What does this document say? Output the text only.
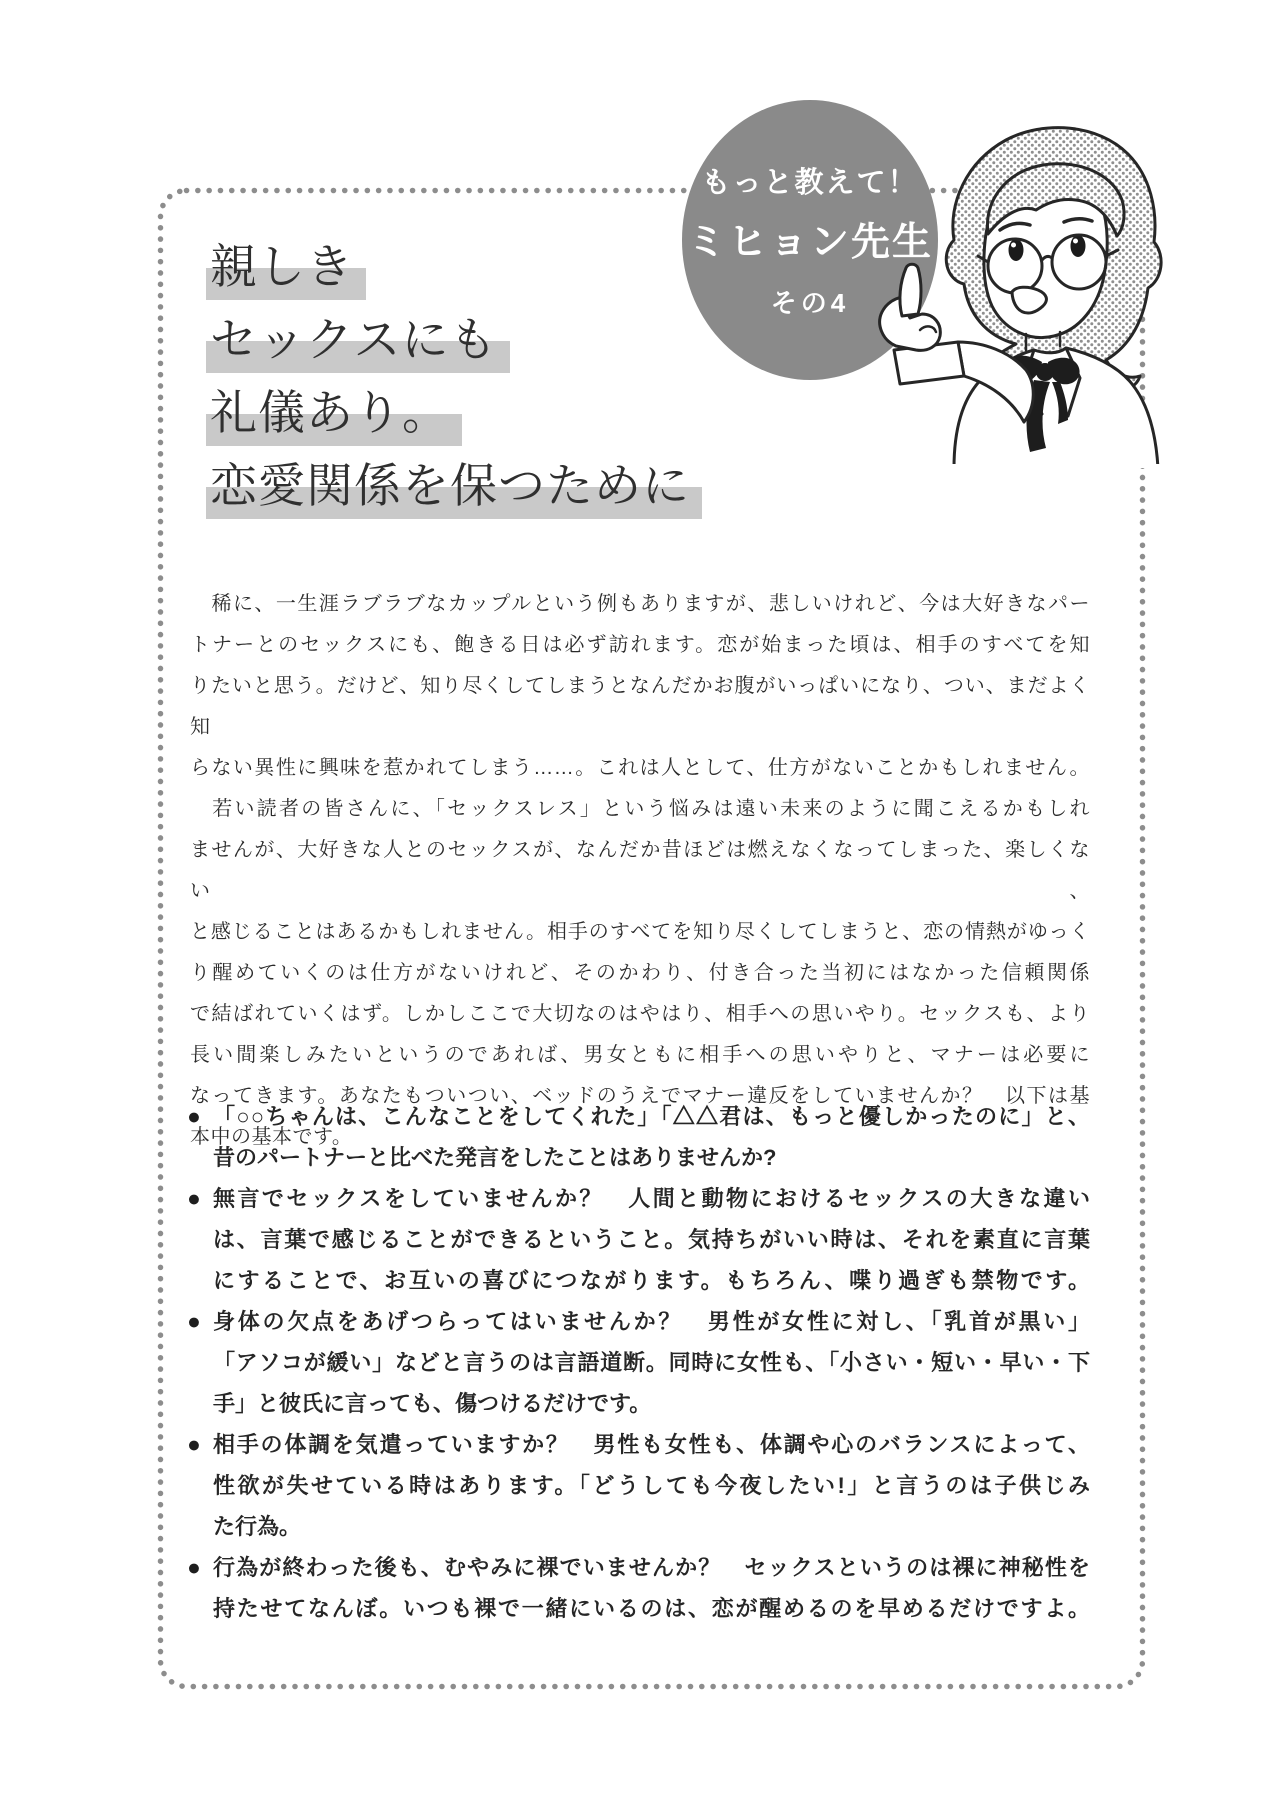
もっと教えて！
ミヒョン先生
その4
親しき
セックスにも
礼儀あり。
恋愛関係を保つために
　稀に、一生涯ラブラブなカップルという例もありますが、悲しいけれど、今は大好きなパー
トナーとのセックスにも、飽きる日は必ず訪れます。恋が始まった頃は、相手のすべてを知
りたいと思う。だけど、知り尽くしてしまうとなんだかお腹がいっぱいになり、つい、まだよく知
らない異性に興味を惹かれてしまう……。これは人として、仕方がないことかもしれません。
　若い読者の皆さんに、「セックスレス」という悩みは遠い未来のように聞こえるかもしれ
ませんが、大好きな人とのセックスが、なんだか昔ほどは燃えなくなってしまった、楽しくない、
と感じることはあるかもしれません。相手のすべてを知り尽くしてしまうと、恋の情熱がゆっく
り醒めていくのは仕方がないけれど、そのかわり、付き合った当初にはなかった信頼関係
で結ばれていくはず。しかしここで大切なのはやはり、相手への思いやり。セックスも、より
長い間楽しみたいというのであれば、男女ともに相手への思いやりと、マナーは必要に
なってきます。あなたもついつい、ベッドのうえでマナー違反をしていませんか？　以下は基
本中の基本です。
● 「○○ちゃんは、こんなことをしてくれた」「△△君は、もっと優しかったのに」と、
昔のパートナーと比べた発言をしたことはありませんか?
● 無言でセックスをしていませんか？　人間と動物におけるセックスの大きな違い
は、言葉で感じることができるということ。気持ちがいい時は、それを素直に言葉
にすることで、お互いの喜びにつながります。もちろん、喋り過ぎも禁物です。
● 身体の欠点をあげつらってはいませんか？　男性が女性に対し、「乳首が黒い」
「アソコが緩い」などと言うのは言語道断。同時に女性も、「小さい・短い・早い・下
手」と彼氏に言っても、傷つけるだけです。
● 相手の体調を気遣っていますか？　男性も女性も、体調や心のバランスによって、
性欲が失せている時はあります。「どうしても今夜したい!」と言うのは子供じみ
た行為。
● 行為が終わった後も、むやみに裸でいませんか？　セックスというのは裸に神秘性を
持たせてなんぼ。いつも裸で一緒にいるのは、恋が醒めるのを早めるだけですよ。
